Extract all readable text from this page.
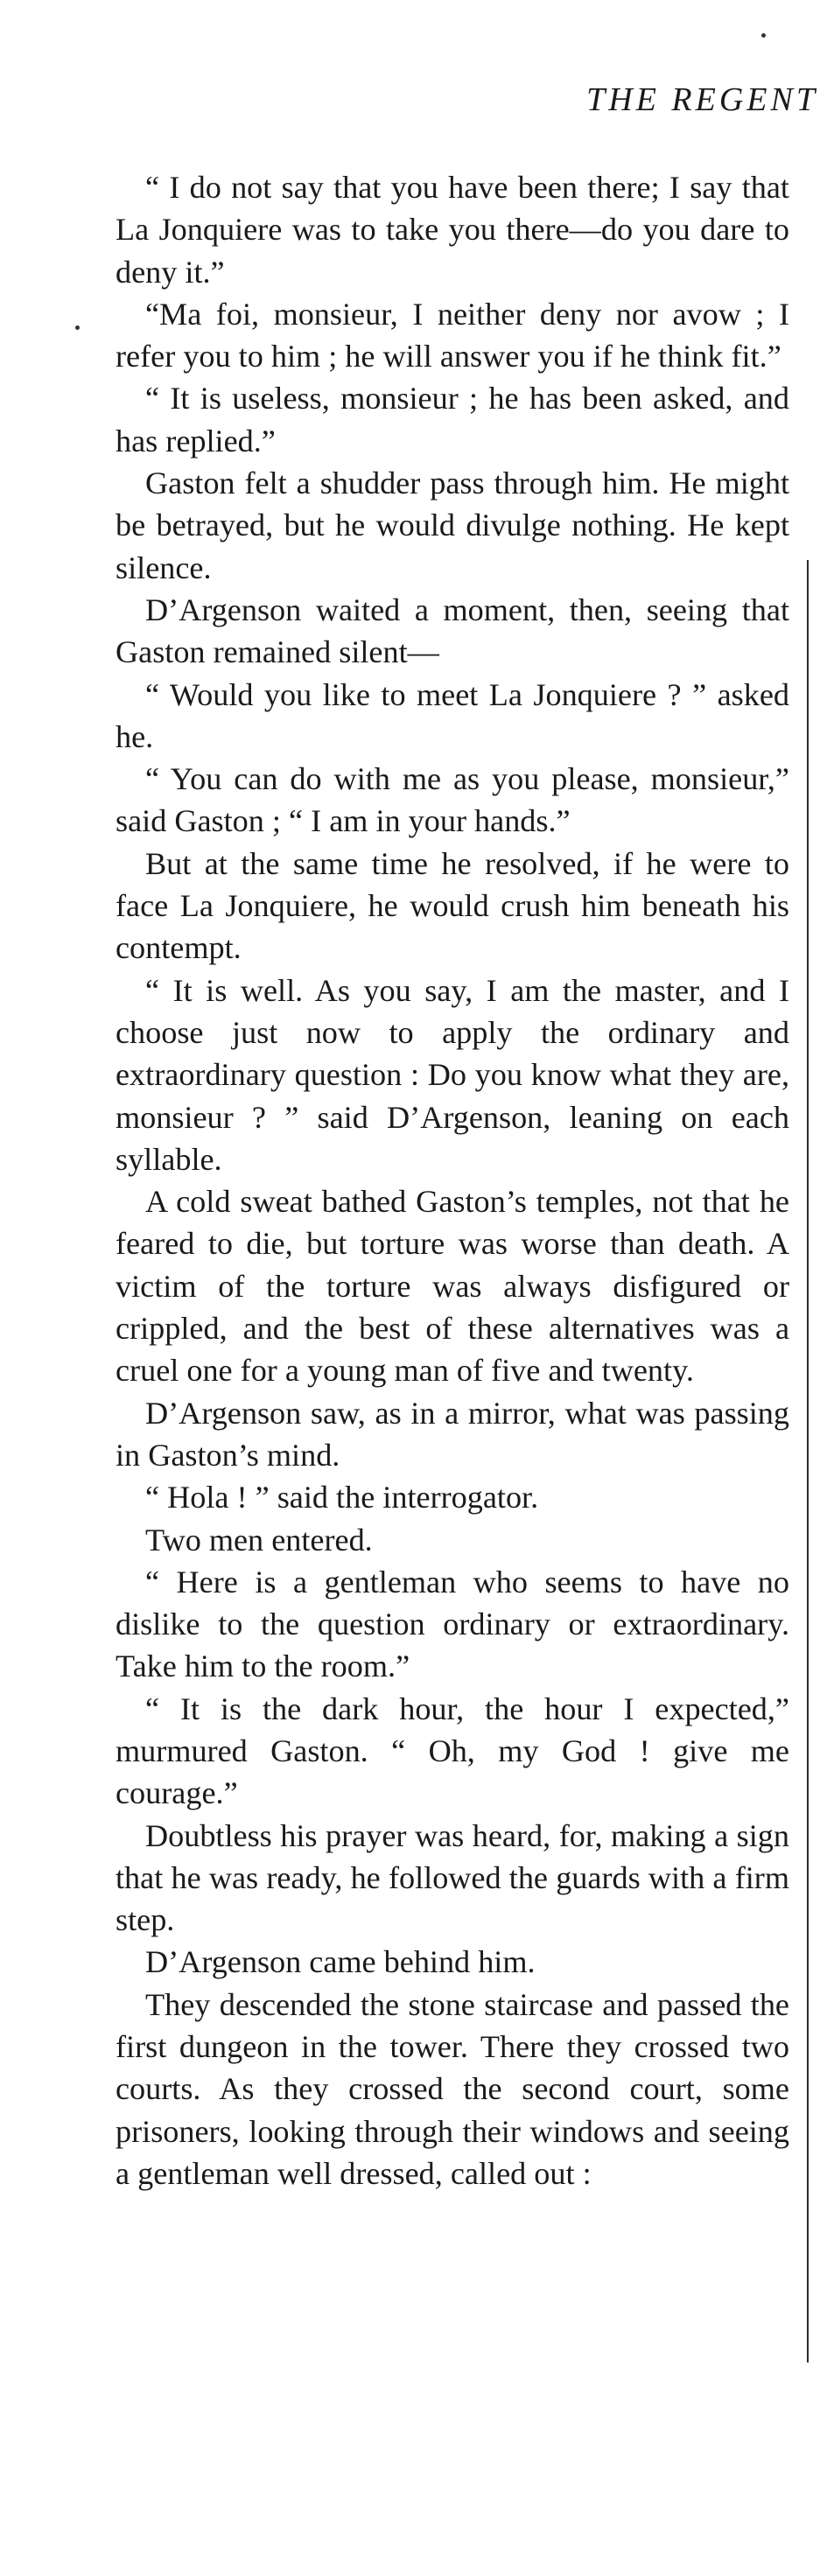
THE REGENT

“ I do not say that you have been there; I say that La Jonquiere was to take you there—do you dare to deny it.”

“Ma foi, monsieur, I neither deny nor avow ; I refer you to him ; he will answer you if he think fit.”

“ It is useless, monsieur ; he has been asked, and has replied.”

Gaston felt a shudder pass through him. He might be betrayed, but he would divulge nothing. He kept silence.

D’Argenson waited a moment, then, seeing that Gaston remained silent—

“ Would you like to meet La Jonquiere ? ” asked he.

“ You can do with me as you please, monsieur,” said Gaston ; “ I am in your hands.”

But at the same time he resolved, if he were to face La Jonquiere, he would crush him beneath his contempt.

“ It is well. As you say, I am the master, and I choose just now to apply the ordinary and extraordinary question : Do you know what they are, monsieur ? ” said D’Argenson, leaning on each syllable.

A cold sweat bathed Gaston’s temples, not that he feared to die, but torture was worse than death. A victim of the torture was always disfigured or crippled, and the best of these alternatives was a cruel one for a young man of five and twenty.

D’Argenson saw, as in a mirror, what was passing in Gaston’s mind.

“ Hola ! ” said the interrogator.

Two men entered.

“ Here is a gentleman who seems to have no dislike to the question ordinary or extraordinary. Take him to the room.”

“ It is the dark hour, the hour I expected,” murmured Gaston. “ Oh, my God ! give me courage.”

Doubtless his prayer was heard, for, making a sign that he was ready, he followed the guards with a firm step.

D’Argenson came behind him.

They descended the stone staircase and passed the first dungeon in the tower. There they crossed two courts. As they crossed the second court, some prisoners, looking through their windows and seeing a gentleman well dressed, called out :
